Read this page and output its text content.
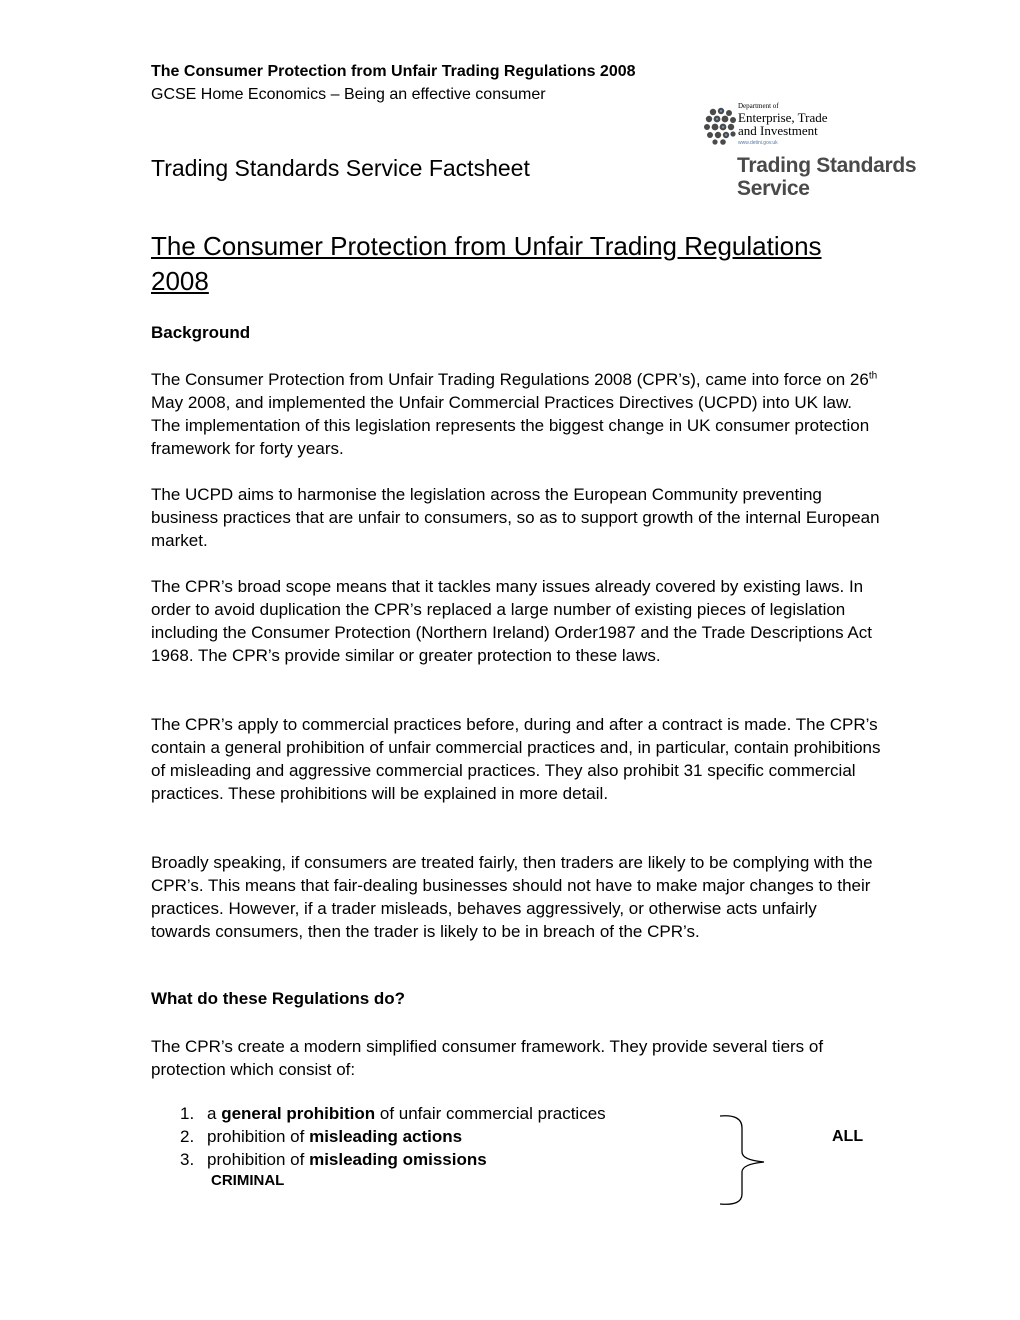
The Consumer Protection from Unfair Trading Regulations 2008
GCSE Home Economics – Being an effective consumer
Department of
Enterprise, Trade
and Investment
www.detini.gov.uk
Trading Standards Service Factsheet	Trading Standards
Service
The Consumer Protection from Unfair Trading Regulations 2008
Background
The Consumer Protection from Unfair Trading Regulations 2008 (CPR’s), came into force on 26th May 2008, and implemented the Unfair Commercial Practices Directives (UCPD) into UK law. The implementation of this legislation represents the biggest change in UK consumer protection framework for forty years.
The UCPD aims to harmonise the legislation across the European Community preventing business practices that are unfair to consumers, so as to support growth of the internal European market.
The CPR’s broad scope means that it tackles many issues already covered by existing laws. In order to avoid duplication the CPR’s replaced a large number of existing pieces of legislation including the Consumer Protection (Northern Ireland) Order1987 and the Trade Descriptions Act 1968. The CPR’s provide similar or greater protection to these laws.
The CPR’s apply to commercial practices before, during and after a contract is made. The CPR’s contain a general prohibition of unfair commercial practices and, in particular, contain prohibitions of misleading and aggressive commercial practices. They also prohibit 31 specific commercial practices. These prohibitions will be explained in more detail.
Broadly speaking, if consumers are treated fairly, then traders are likely to be complying with the CPR’s. This means that fair-dealing businesses should not have to make major changes to their practices. However, if a trader misleads, behaves aggressively, or otherwise acts unfairly towards consumers, then the trader is likely to be in breach of the CPR’s.
What do these Regulations do?
The CPR’s create a modern simplified consumer framework. They provide several tiers of protection which consist of:
1. a general prohibition of unfair commercial practices
2. prohibition of misleading actions
3. prohibition of misleading omissions
CRIMINAL
ALL
